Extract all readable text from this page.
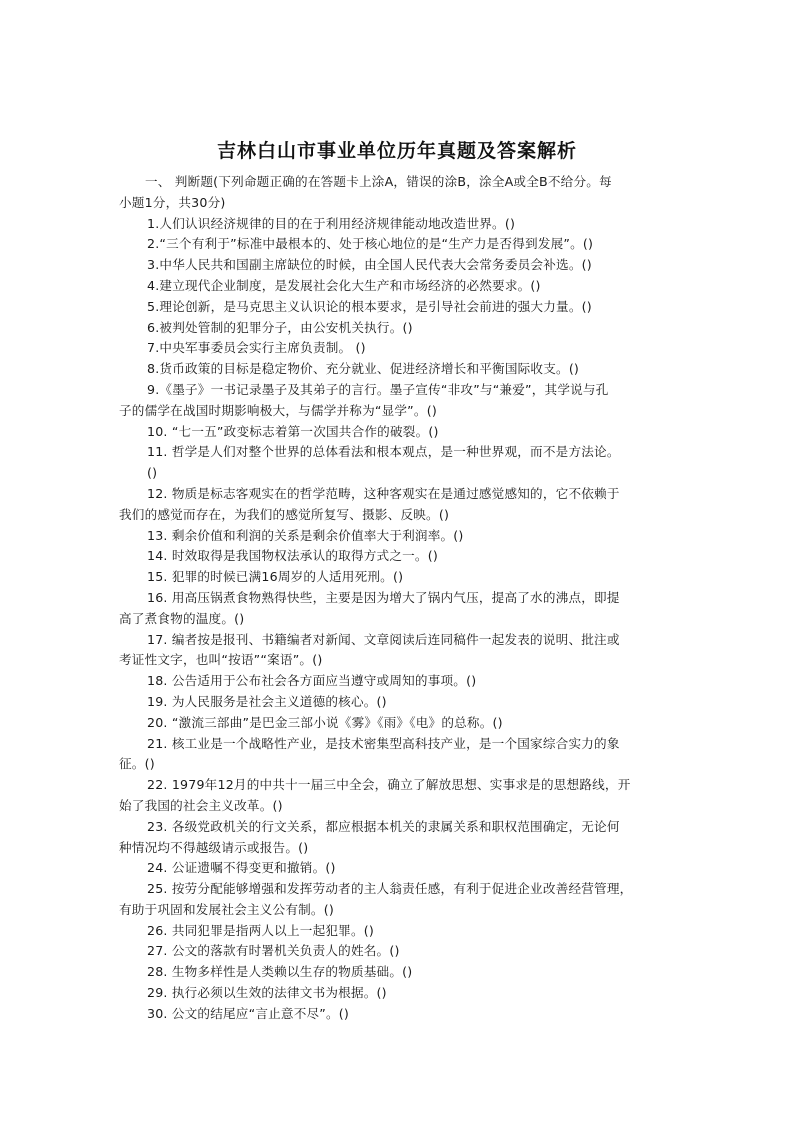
吉林白山市事业单位历年真题及答案解析
一、 判断题(下列命题正确的在答题卡上涂A，错误的涂B，涂全A或全B不给分。每
小题1分，共30分)
1.人们认识经济规律的目的在于利用经济规律能动地改造世界。()
2.“三个有利于”标准中最根本的、处于核心地位的是“生产力是否得到发展”。()
3.中华人民共和国副主席缺位的时候，由全国人民代表大会常务委员会补选。()
4.建立现代企业制度，是发展社会化大生产和市场经济的必然要求。()
5.理论创新，是马克思主义认识论的根本要求，是引导社会前进的强大力量。()
6.被判处管制的犯罪分子，由公安机关执行。()
7.中央军事委员会实行主席负责制。 ()
8.货币政策的目标是稳定物价、充分就业、促进经济增长和平衡国际收支。()
9.《墨子》一书记录墨子及其弟子的言行。墨子宣传“非攻”与“兼爱”，其学说与孔
子的儒学在战国时期影响极大，与儒学并称为“显学”。()
10. “七一五”政变标志着第一次国共合作的破裂。()
11. 哲学是人们对整个世界的总体看法和根本观点，是一种世界观，而不是方法论。
()
12. 物质是标志客观实在的哲学范畴，这种客观实在是通过感觉感知的，它不依赖于
我们的感觉而存在，为我们的感觉所复写、摄影、反映。()
13. 剩余价值和利润的关系是剩余价值率大于利润率。()
14. 时效取得是我国物权法承认的取得方式之一。()
15. 犯罪的时候已满16周岁的人适用死刑。()
16. 用高压锅煮食物熟得快些，主要是因为增大了锅内气压，提高了水的沸点，即提
高了煮食物的温度。()
17. 编者按是报刊、书籍编者对新闻、文章阅读后连同稿件一起发表的说明、批注或
考证性文字，也叫“按语”“案语”。()
18. 公告适用于公布社会各方面应当遵守或周知的事项。()
19. 为人民服务是社会主义道德的核心。()
20. “激流三部曲”是巴金三部小说《雾》《雨》《电》的总称。()
21. 核工业是一个战略性产业，是技术密集型高科技产业，是一个国家综合实力的象
征。()
22. 1979年12月的中共十一届三中全会，确立了解放思想、实事求是的思想路线，开
始了我国的社会主义改革。()
23. 各级党政机关的行文关系，都应根据本机关的隶属关系和职权范围确定，无论何
种情况均不得越级请示或报告。()
24. 公证遗嘱不得变更和撤销。()
25. 按劳分配能够增强和发挥劳动者的主人翁责任感，有利于促进企业改善经营管理，
有助于巩固和发展社会主义公有制。()
26. 共同犯罪是指两人以上一起犯罪。()
27. 公文的落款有时署机关负责人的姓名。()
28. 生物多样性是人类赖以生存的物质基础。()
29. 执行必须以生效的法律文书为根据。()
30. 公文的结尾应“言止意不尽”。()
